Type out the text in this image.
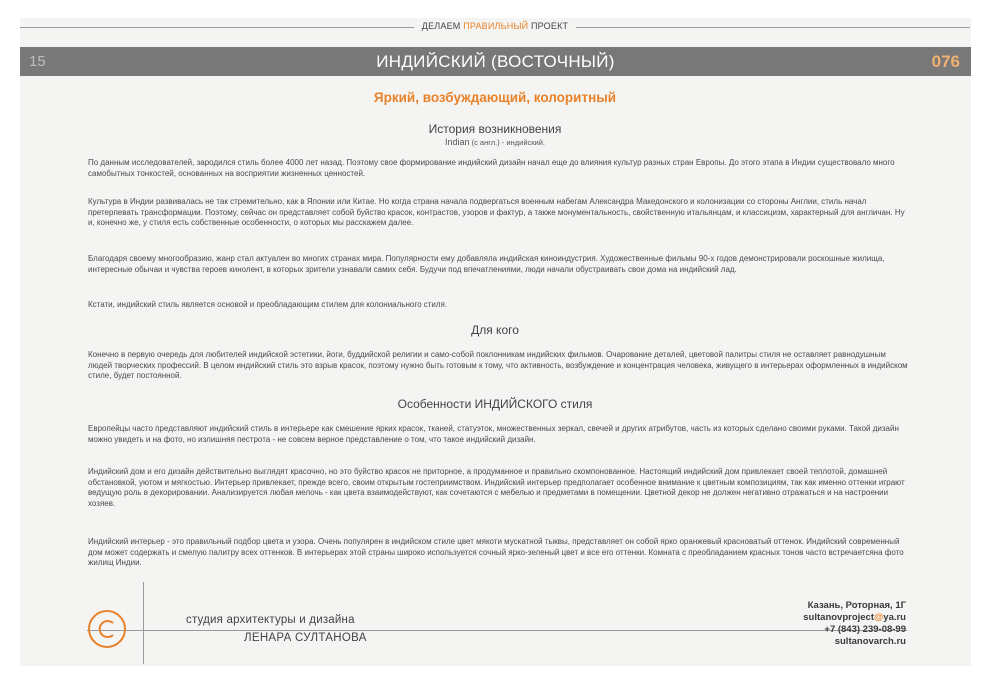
ДЕЛАЕМ ПРАВИЛЬНЫЙ ПРОЕКТ
15	ИНДИЙСКИЙ (ВОСТОЧНЫЙ)	076
Яркий, возбуждающий, колоритный
История возникновения
Indian (с англ.) - индийский.
По данным исследователей, зародился стиль более 4000 лет назад. Поэтому свое формирование индийский дизайн начал еще до влияния культур разных стран Европы. До этого этапа в Индии существовало много самобытных тонкостей, основанных на восприятии жизненных ценностей.
Культура в Индии развивалась не так стремительно, как в Японии или Китае. Но когда страна начала подвергаться военным набегам Александра Македонского и колонизации со стороны Англии, стиль начал претерпевать трансформации. Поэтому, сейчас он представляет собой буйство красок, контрастов, узоров и фактур, а также монументальность, свойственную итальянцам, и классицизм, характерный для англичан. Ну и, конечно же, у стиля есть собственные особенности, о которых мы расскажем далее.
Благодаря своему многообразию, жанр стал актуален во многих странах мира. Популярности ему добавляла индийская киноиндустрия. Художественные фильмы 90-х годов демонстрировали роскошные жилища, интересные обычаи и чувства героев кинолент, в которых зрители узнавали самих себя. Будучи под впечатлениями, люди начали обустраивать свои дома на индийский лад.
Кстати, индийский стиль является основой и преобладающим стилем для колониального стиля.
Для кого
Конечно в первую очередь для любителей индийской эстетики, йоги, буддийской религии и само-собой поклонникам индийских фильмов. Очарование деталей, цветовой палитры стиля не оставляет равнодушным людей творческих профессий. В целом индийский стиль это взрыв красок, поэтому нужно быть готовым к тому, что активность, возбуждение и концентрация человека, живущего в интерьерах оформленных в индийском стиле, будет постоянной.
Особенности ИНДИЙСКОГО стиля
Европейцы часто представляют индийский стиль в интерьере как смешение ярких красок, тканей, статуэток, множественных зеркал, свечей и других атрибутов, часть из которых сделано своими руками. Такой дизайн можно увидеть и на фото, но излишняя пестрота - не совсем верное представление о том, что такое индийский дизайн.
Индийский дом и его дизайн действительно выглядят красочно, но это буйство красок не приторное, а продуманное и правильно скомпонованное. Настоящий индийский дом привлекает своей теплотой, домашней обстановкой, уютом и мягкостью. Интерьер привлекает, прежде всего, своим открытым гостеприимством. Индийский интерьер предполагает особенное внимание к цветным композициям, так как именно оттенки играют ведущую роль в декорировании. Анализируется любая мелочь - как цвета взаимодействуют, как сочетаются с мебелью и предметами в помещении. Цветной декор не должен негативно отражаться и на настроении хозяев.
Индийский интерьер - это правильный подбор цвета и узора. Очень популярен в индийском стиле цвет мякоти мускатной тыквы, представляет он собой ярко оранжевый красноватый оттенок. Индийский современный дом может содержать и смелую палитру всех оттенков. В интерьерах этой страны широко используется сочный ярко-зеленый цвет и все его оттенки. Комната с преобладанием красных тонов часто встречаетсяна фото жилищ Индии.
студия архитектуры и дизайна
ЛЕНАРА СУЛТАНОВА
Казань, Роторная, 1Г
sultanovproject@ya.ru
+7 (843) 239-08-99
sultanovarch.ru
